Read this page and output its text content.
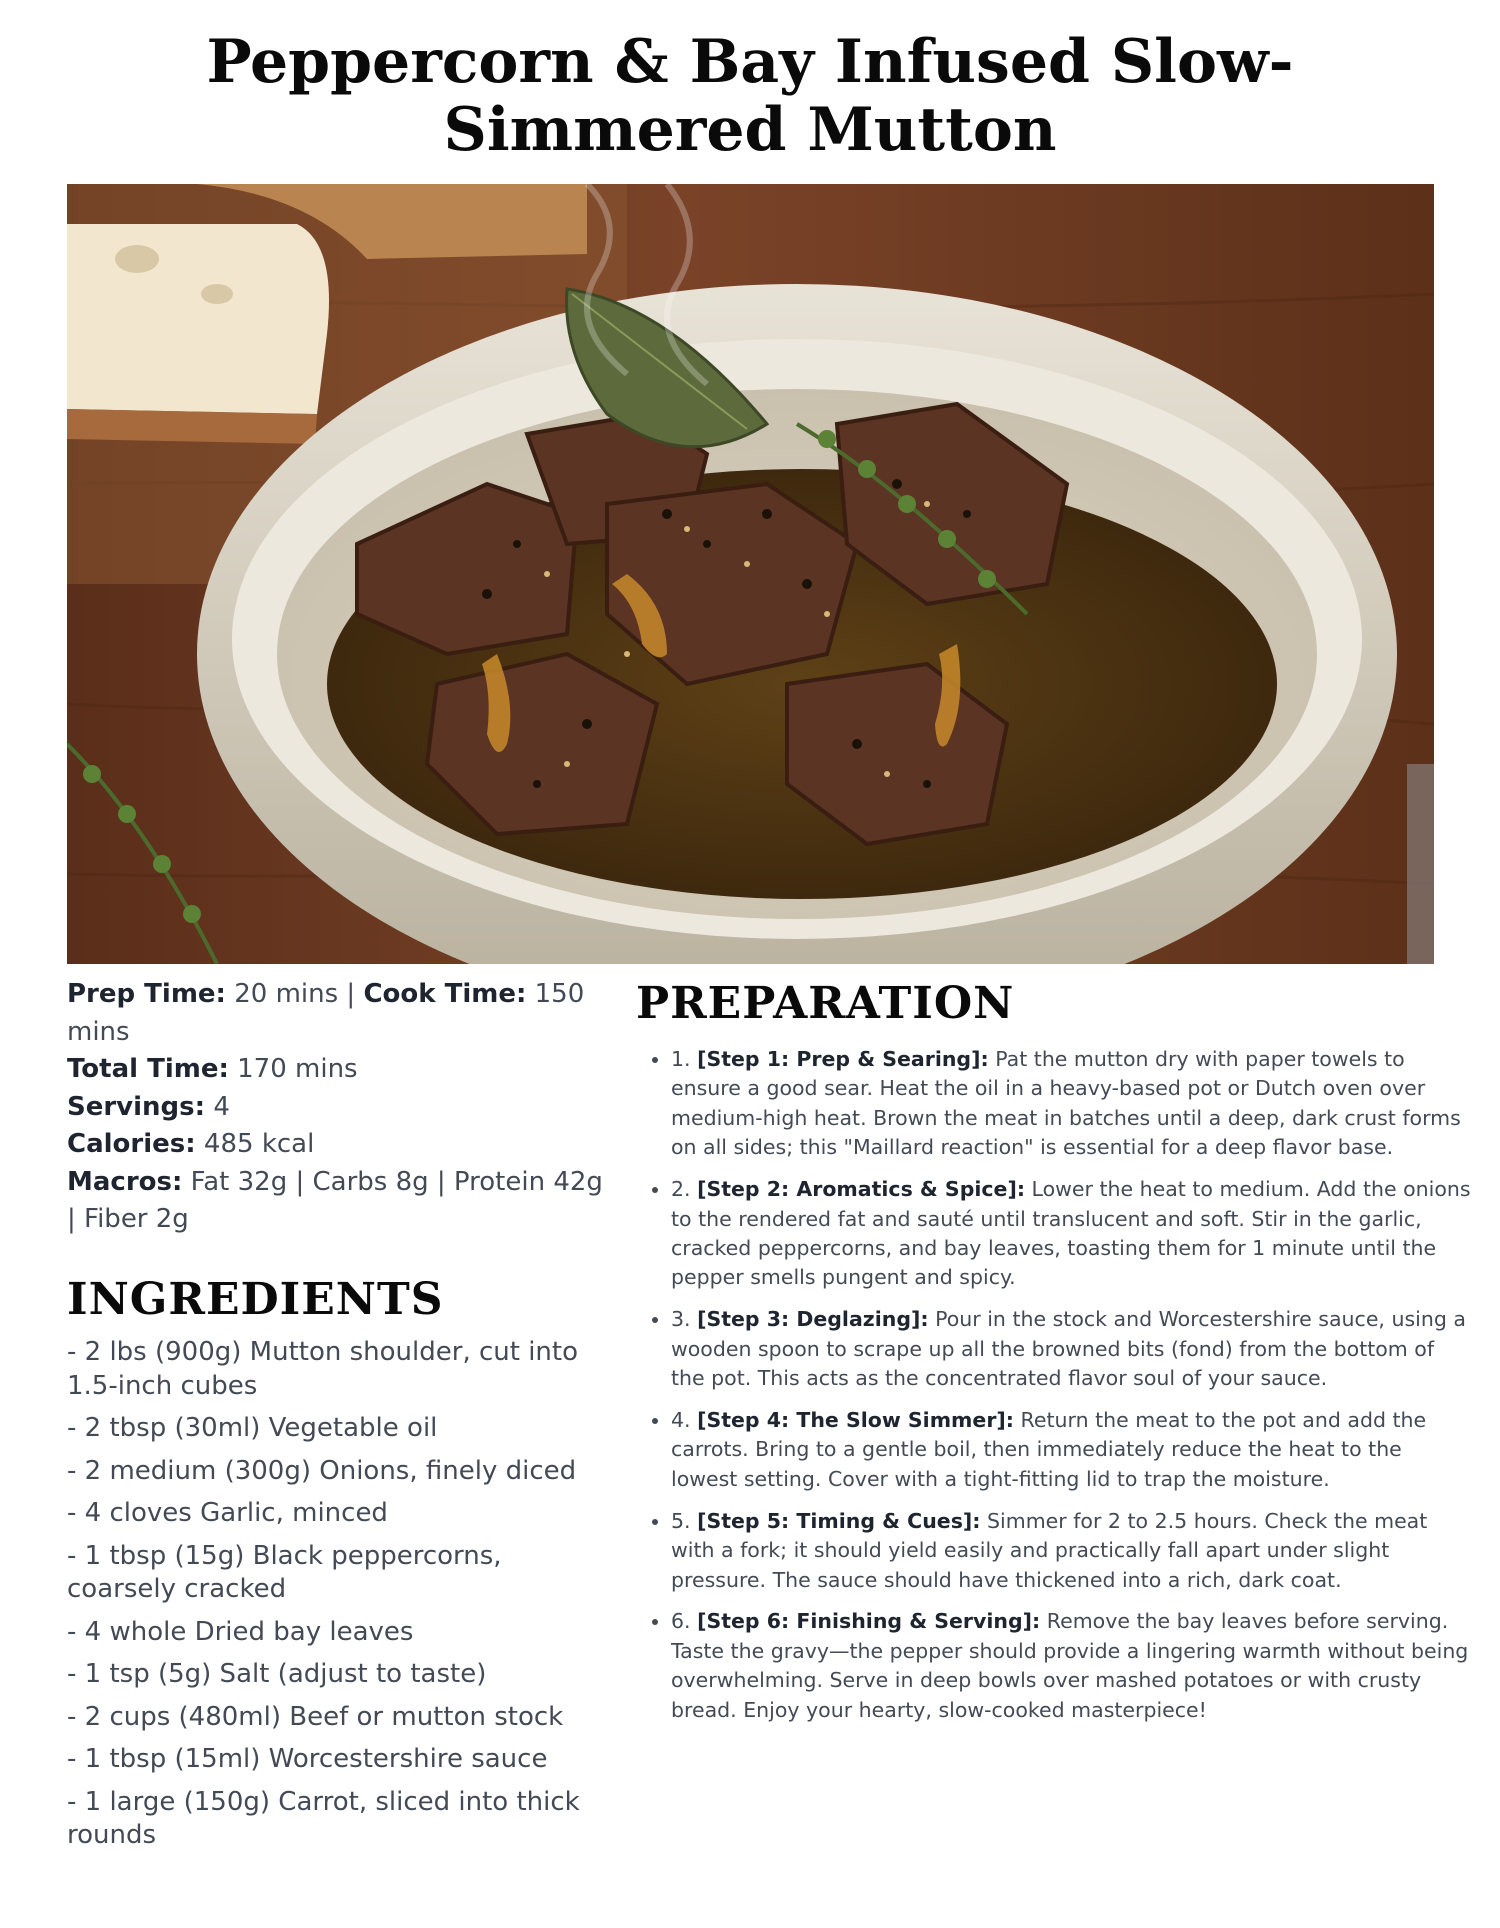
Peppercorn & Bay Infused Slow-Simmered Mutton

Prep Time: 20 mins | Cook Time: 150 mins

Total Time: 170 mins

Servings: 4

Calories: 485 kcal

Macros: Fat 32g | Carbs 8g | Protein 42g | Fiber 2g

INGREDIENTS
- 2 lbs (900g) Mutton shoulder, cut into 1.5-inch cubes
- 2 tbsp (30ml) Vegetable oil
- 2 medium (300g) Onions, finely diced
- 4 cloves Garlic, minced
- 1 tbsp (15g) Black peppercorns, coarsely cracked
- 4 whole Dried bay leaves
- 1 tsp (5g) Salt (adjust to taste)
- 2 cups (480ml) Beef or mutton stock
- 1 tbsp (15ml) Worcestershire sauce
- 1 large (150g) Carrot, sliced into thick rounds
PREPARATION
• 1. [Step 1: Prep & Searing]: Pat the mutton dry with paper towels to ensure a good sear. Heat the oil in a heavy-based pot or Dutch oven over medium-high heat. Brown the meat in batches until a deep, dark crust forms on all sides; this "Maillard reaction" is essential for a deep flavor base.
• 2. [Step 2: Aromatics & Spice]: Lower the heat to medium. Add the onions to the rendered fat and sauté until translucent and soft. Stir in the garlic, cracked peppercorns, and bay leaves, toasting them for 1 minute until the pepper smells pungent and spicy.
• 3. [Step 3: Deglazing]: Pour in the stock and Worcestershire sauce, using a wooden spoon to scrape up all the browned bits (fond) from the bottom of the pot. This acts as the concentrated flavor soul of your sauce.
• 4. [Step 4: The Slow Simmer]: Return the meat to the pot and add the carrots. Bring to a gentle boil, then immediately reduce the heat to the lowest setting. Cover with a tight-fitting lid to trap the moisture.
• 5. [Step 5: Timing & Cues]: Simmer for 2 to 2.5 hours. Check the meat with a fork; it should yield easily and practically fall apart under slight pressure. The sauce should have thickened into a rich, dark coat.
• 6. [Step 6: Finishing & Serving]: Remove the bay leaves before serving. Taste the gravy—the pepper should provide a lingering warmth without being overwhelming. Serve in deep bowls over mashed potatoes or with crusty bread. Enjoy your hearty, slow-cooked masterpiece!
